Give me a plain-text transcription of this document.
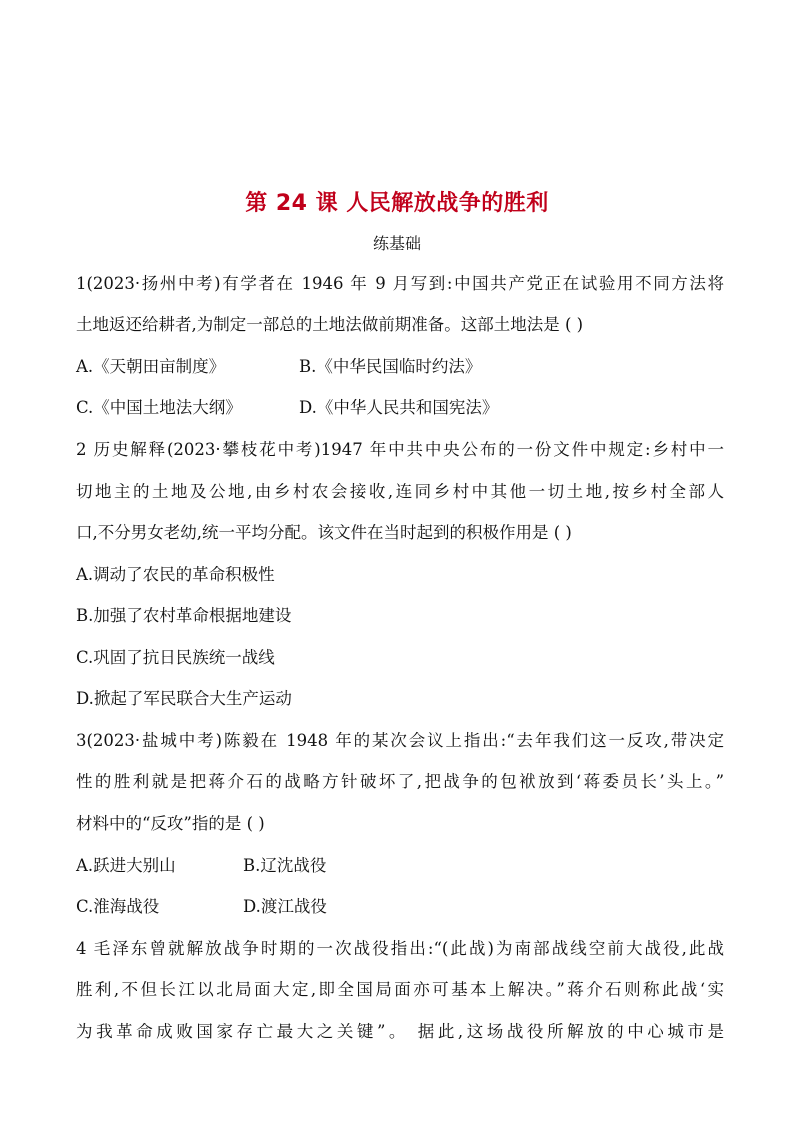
第 24 课 人民解放战争的胜利
练基础
1(2023·扬州中考)有学者在 1946 年 9 月写到:中国共产党正在试验用不同方法将
土地返还给耕者,为制定一部总的土地法做前期准备。这部土地法是 ( )
A.《天朝田亩制度》	B.《中华民国临时约法》
C.《中国土地法大纲》	D.《中华人民共和国宪法》
2 历史解释(2023·攀枝花中考)1947 年中共中央公布的一份文件中规定:乡村中一
切地主的土地及公地,由乡村农会接收,连同乡村中其他一切土地,按乡村全部人
口,不分男女老幼,统一平均分配。该文件在当时起到的积极作用是 ( )
A.调动了农民的革命积极性
B.加强了农村革命根据地建设
C.巩固了抗日民族统一战线
D.掀起了军民联合大生产运动
3(2023·盐城中考)陈毅在 1948 年的某次会议上指出:“去年我们这一反攻,带决定
性的胜利就是把蒋介石的战略方针破坏了,把战争的包袱放到‘蒋委员长’头上。”
材料中的“反攻”指的是 ( )
A.跃进大别山	B.辽沈战役
C.淮海战役	D.渡江战役
4 毛泽东曾就解放战争时期的一次战役指出:“(此战)为南部战线空前大战役,此战
胜利,不但长江以北局面大定,即全国局面亦可基本上解决。”蒋介石则称此战‘实
为我革命成败国家存亡最大之关键”。 据此,这场战役所解放的中心城市是
